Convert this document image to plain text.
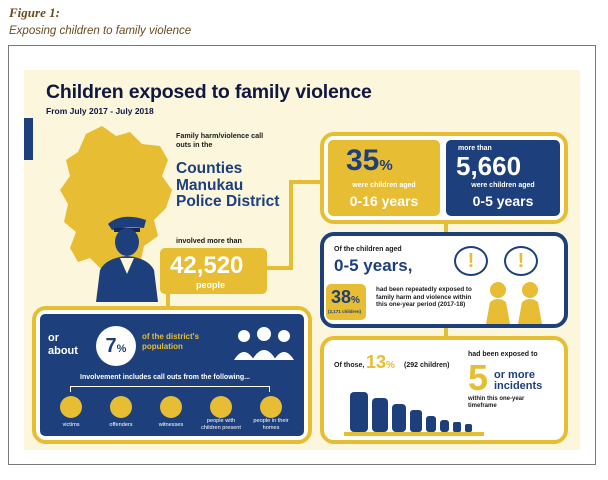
Figure 1:
Exposing children to family violence
Children exposed to family violence
From July 2017 - July 2018
Family harm/violence call outs in the
Counties Manukau Police District
involved more than
42,520
people
35%
were children aged
0-16 years
more than
5,660
were children aged
0-5 years
Of the children aged
0-5 years,
38%
(2,171 children)
had been repeatedly exposed to family harm and violence within this one-year period (2017-18)
!	!
Of those, 13% (292 children)
had been exposed to
5 or more incidents
within this one-year timeframe
or about	7%
of the district's population
Involvement includes call outs from the following...
victims	offenders	witnesses
people with children present
people in their homes
